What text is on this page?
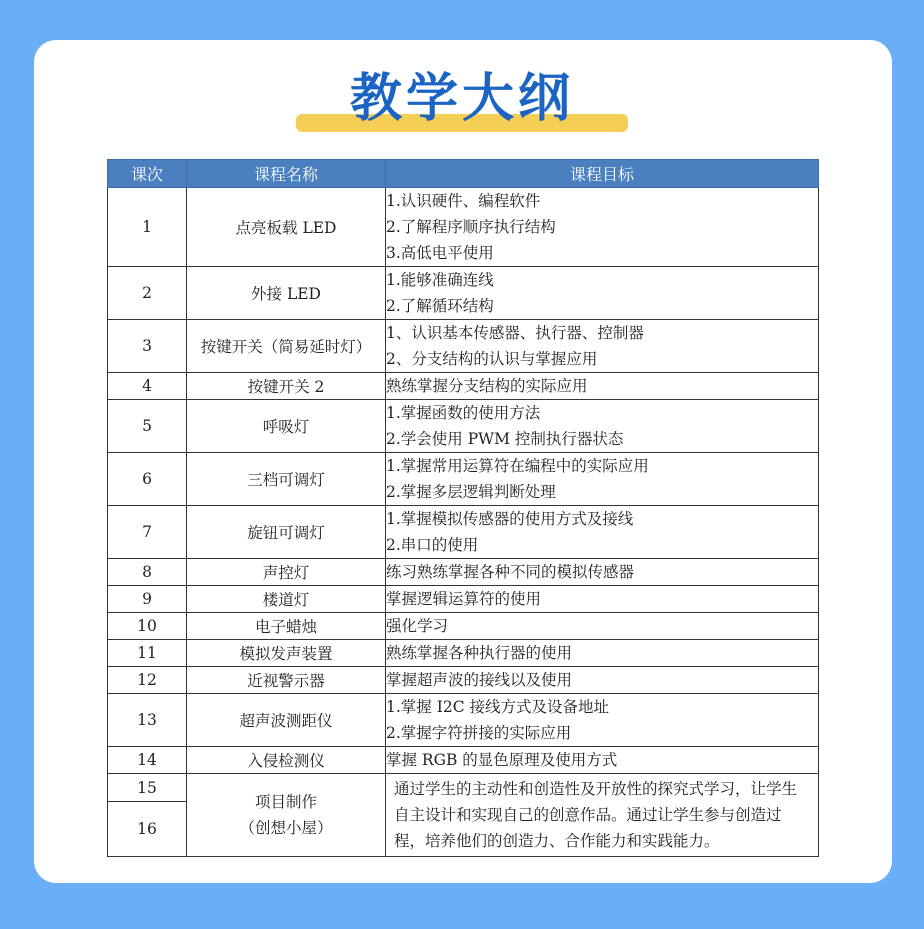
教学大纲
课次	课程名称	课程目标
1	点亮板载 LED	1.认识硬件、编程软件
2.了解程序顺序执行结构
3.高低电平使用

2	外接 LED	1.能够准确连线
2.了解循环结构

3	按键开关（简易延时灯）	1、认识基本传感器、执行器、控制器
2、分支结构的认识与掌握应用

4	按键开关 2	熟练掌握分支结构的实际应用

5	呼吸灯	1.掌握函数的使用方法
2.学会使用 PWM 控制执行器状态

6	三档可调灯	1.掌握常用运算符在编程中的实际应用
2.掌握多层逻辑判断处理

7	旋钮可调灯	1.掌握模拟传感器的使用方式及接线
2.串口的使用

8	声控灯	练习熟练掌握各种不同的模拟传感器

9	楼道灯	掌握逻辑运算符的使用

10	电子蜡烛	强化学习

11	模拟发声装置	熟练掌握各种执行器的使用

12	近视警示器	掌握超声波的接线以及使用

13	超声波测距仪	1.掌握 I2C 接线方式及设备地址
2.掌握字符拼接的实际应用

14	入侵检测仪	掌握 RGB 的显色原理及使用方式

15	项目制作
（创想小屋）	通过学生的主动性和创造性及开放性的探究式学习，让学生自主设计和实现自己的创意作品。通过让学生参与创造过程，培养他们的创造力、合作能力和实践能力。

16		
